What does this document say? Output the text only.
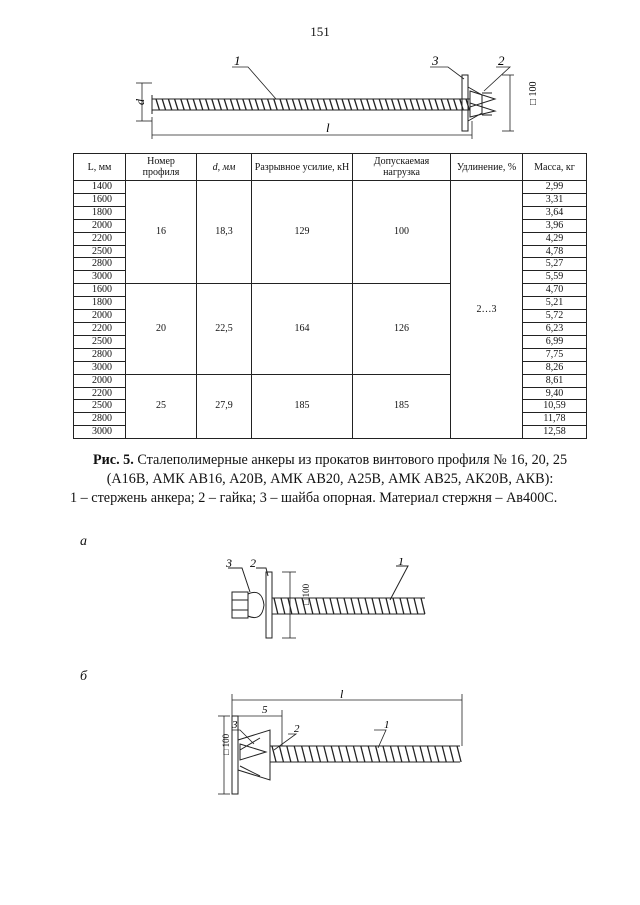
151
1	3	2
d
l
□ 100
L, мм	Номер профиля	d, мм	Разрывное усилие, кН	Допускаемая нагрузка	Удлинение, %	Масса, кг
1400	16	18,3	129	100	2…3	2,99
1600						3,31
1800						3,64
2000						3,96
2200						4,29
2500						4,78
2800						5,27
3000						5,59
1600	20	22,5	164	126		4,70
1800						5,21
2000						5,72
2200						6,23
2500						6,99
2800						7,75
3000						8,26
2000	25	27,9	185	185		8,61
2200						9,40
2500						10,59
2800						11,78
3000						12,58
Рис. 5. Сталеполимерные анкеры из прокатов винтового профиля № 16, 20, 25
(А16В, АМК АВ16, А20В, АМК АВ20, А25В, АМК АВ25, АК20В, АКВ):
1 – стержень анкера; 2 – гайка; 3 – шайба опорная. Материал стержня – Ав400С.
а
3 2	1
□ 100
б
l
5
3	2	1
□ 100
